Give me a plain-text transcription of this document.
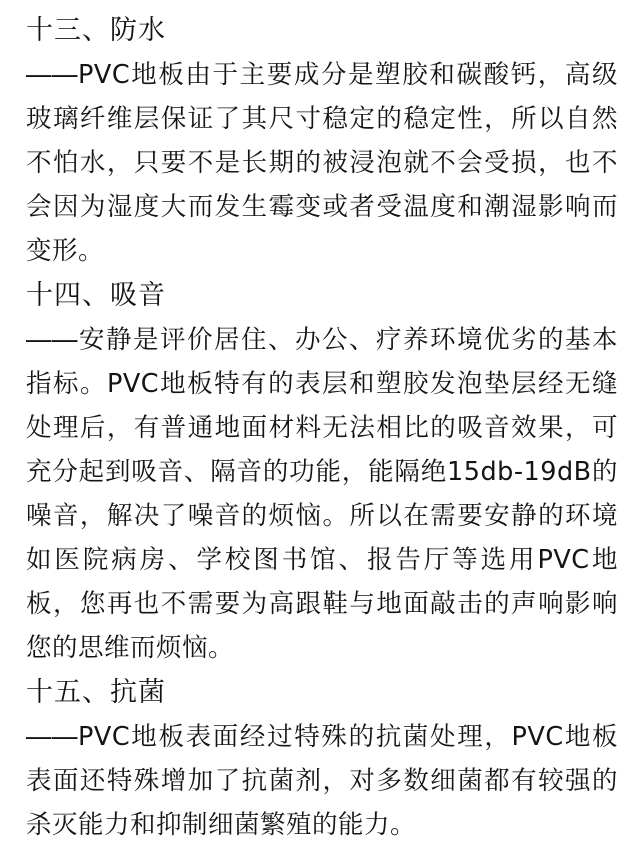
十三、防水
――PVC地板由于主要成分是塑胶和碳酸钙，高级玻璃纤维层保证了其尺寸稳定的稳定性，所以自然不怕水，只要不是长期的被浸泡就不会受损，也不会因为湿度大而发生霉变或者受温度和潮湿影响而变形。
十四、吸音
――安静是评价居住、办公、疗养环境优劣的基本指标。PVC地板特有的表层和塑胶发泡垫层经无缝处理后，有普通地面材料无法相比的吸音效果，可充分起到吸音、隔音的功能，能隔绝15db-19dB的噪音，解决了噪音的烦恼。所以在需要安静的环境如医院病房、学校图书馆、报告厅等选用PVC地板，您再也不需要为高跟鞋与地面敲击的声响影响您的思维而烦恼。
十五、抗菌
――PVC地板表面经过特殊的抗菌处理，PVC地板表面还特殊增加了抗菌剂，对多数细菌都有较强的杀灭能力和抑制细菌繁殖的能力。
